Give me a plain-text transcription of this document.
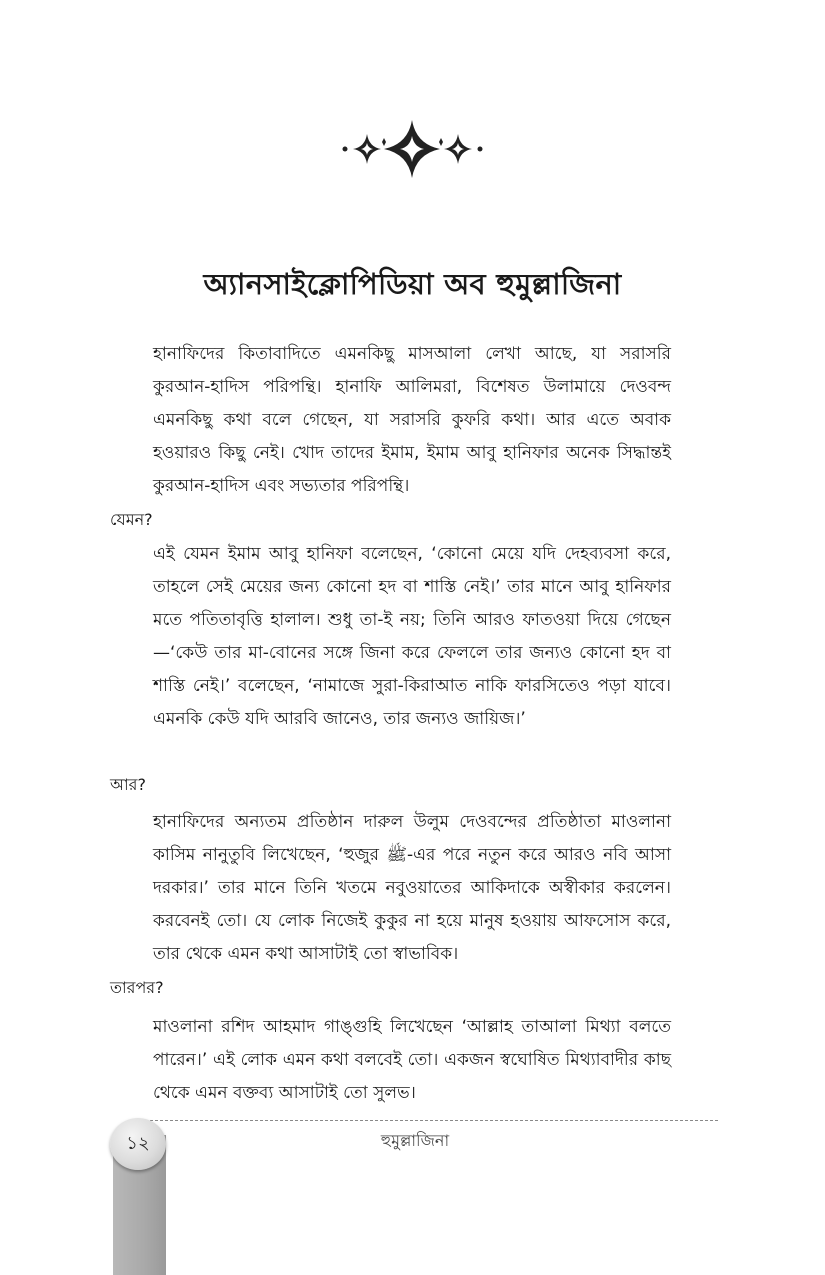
অ্যানসাইক্লোপিডিয়া অব হুমুল্লাজিনা

হানাফিদের কিতাবাদিতে এমনকিছু মাসআলা লেখা আছে, যা সরাসরি কুরআন-হাদিস পরিপন্থি। হানাফি আলিমরা, বিশেষত উলামায়ে দেওবন্দ এমনকিছু কথা বলে গেছেন, যা সরাসরি কুফরি কথা। আর এতে অবাক হওয়ারও কিছু নেই। খোদ তাদের ইমাম, ইমাম আবু হানিফার অনেক সিদ্ধান্তই কুরআন-হাদিস এবং সভ্যতার পরিপন্থি।

যেমন?

এই যেমন ইমাম আবু হানিফা বলেছেন, ‘কোনো মেয়ে যদি দেহব্যবসা করে, তাহলে সেই মেয়ের জন্য কোনো হদ বা শাস্তি নেই।’ তার মানে আবু হানিফার মতে পতিতাবৃত্তি হালাল। শুধু তা-ই নয়; তিনি আরও ফাতওয়া দিয়ে গেছেন—‘কেউ তার মা-বোনের সঙ্গে জিনা করে ফেললে তার জন্যও কোনো হদ বা শাস্তি নেই।’ বলেছেন, ‘নামাজে সুরা-কিরাআত নাকি ফারসিতেও পড়া যাবে। এমনকি কেউ যদি আরবি জানেও, তার জন্যও জায়িজ।’

আর?

হানাফিদের অন্যতম প্রতিষ্ঠান দারুল উলুম দেওবন্দের প্রতিষ্ঠাতা মাওলানা কাসিম নানুতুবি লিখেছেন, ‘হুজুর ﷺ-এর পরে নতুন করে আরও নবি আসা দরকার।’ তার মানে তিনি খতমে নবুওয়াতের আকিদাকে অস্বীকার করলেন। করবেনই তো। যে লোক নিজেই কুকুর না হয়ে মানুষ হওয়ায় আফসোস করে, তার থেকে এমন কথা আসাটাই তো স্বাভাবিক।

তারপর?

মাওলানা রশিদ আহমাদ গাঙ্গুহি লিখেছেন ‘আল্লাহ তাআলা মিথ্যা বলতে পারেন।’ এই লোক এমন কথা বলবেই তো। একজন স্বঘোষিত মিথ্যাবাদীর কাছ থেকে এমন বক্তব্য আসাটাই তো সুলভ।

১২	হুমুল্লাজিনা
